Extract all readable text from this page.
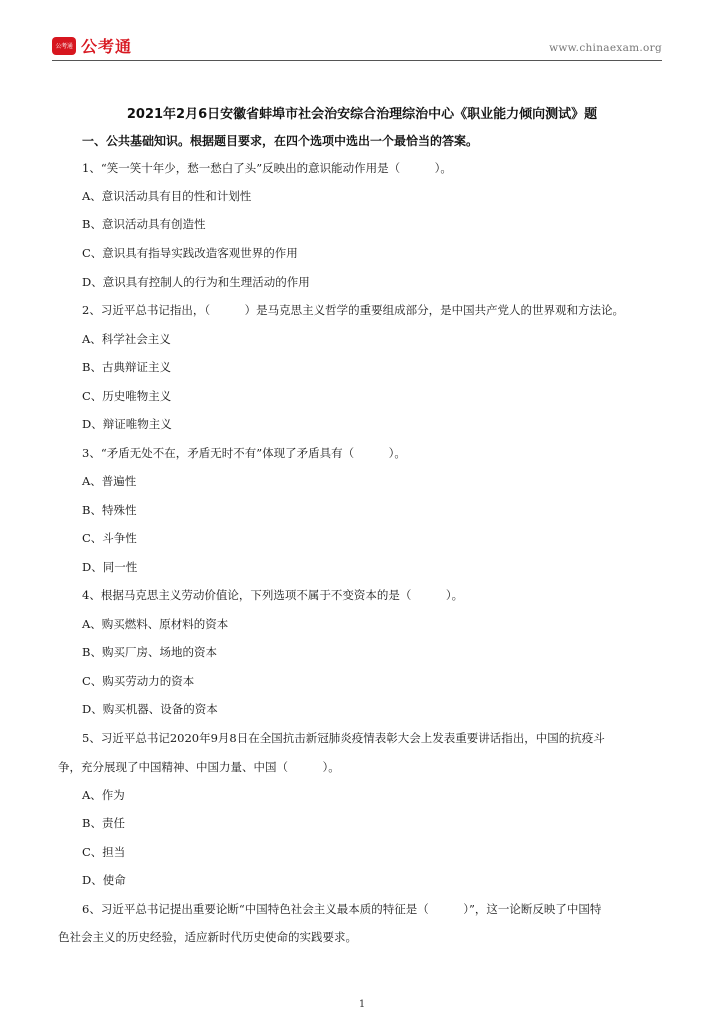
公考通 公考通	www.chinaexam.org
2021年2月6日安徽省蚌埠市社会治安综合治理综治中心《职业能力倾向测试》题
一、公共基础知识。根据题目要求，在四个选项中选出一个最恰当的答案。
1、“笑一笑十年少，愁一愁白了头”反映出的意识能动作用是（　　　）。
A、意识活动具有目的性和计划性
B、意识活动具有创造性
C、意识具有指导实践改造客观世界的作用
D、意识具有控制人的行为和生理活动的作用
2、习近平总书记指出，（　　　）是马克思主义哲学的重要组成部分，是中国共产党人的世界观和方法论。
A、科学社会主义
B、古典辩证主义
C、历史唯物主义
D、辩证唯物主义
3、“矛盾无处不在，矛盾无时不有”体现了矛盾具有（　　　）。
A、普遍性
B、特殊性
C、斗争性
D、同一性
4、根据马克思主义劳动价值论，下列选项不属于不变资本的是（　　　）。
A、购买燃料、原材料的资本
B、购买厂房、场地的资本
C、购买劳动力的资本
D、购买机器、设备的资本
5、习近平总书记2020年9月8日在全国抗击新冠肺炎疫情表彰大会上发表重要讲话指出，中国的抗疫斗
争，充分展现了中国精神、中国力量、中国（　　　）。
A、作为
B、责任
C、担当
D、使命
6、习近平总书记提出重要论断“中国特色社会主义最本质的特征是（　　　）”，这一论断反映了中国特
色社会主义的历史经验，适应新时代历史使命的实践要求。
1
